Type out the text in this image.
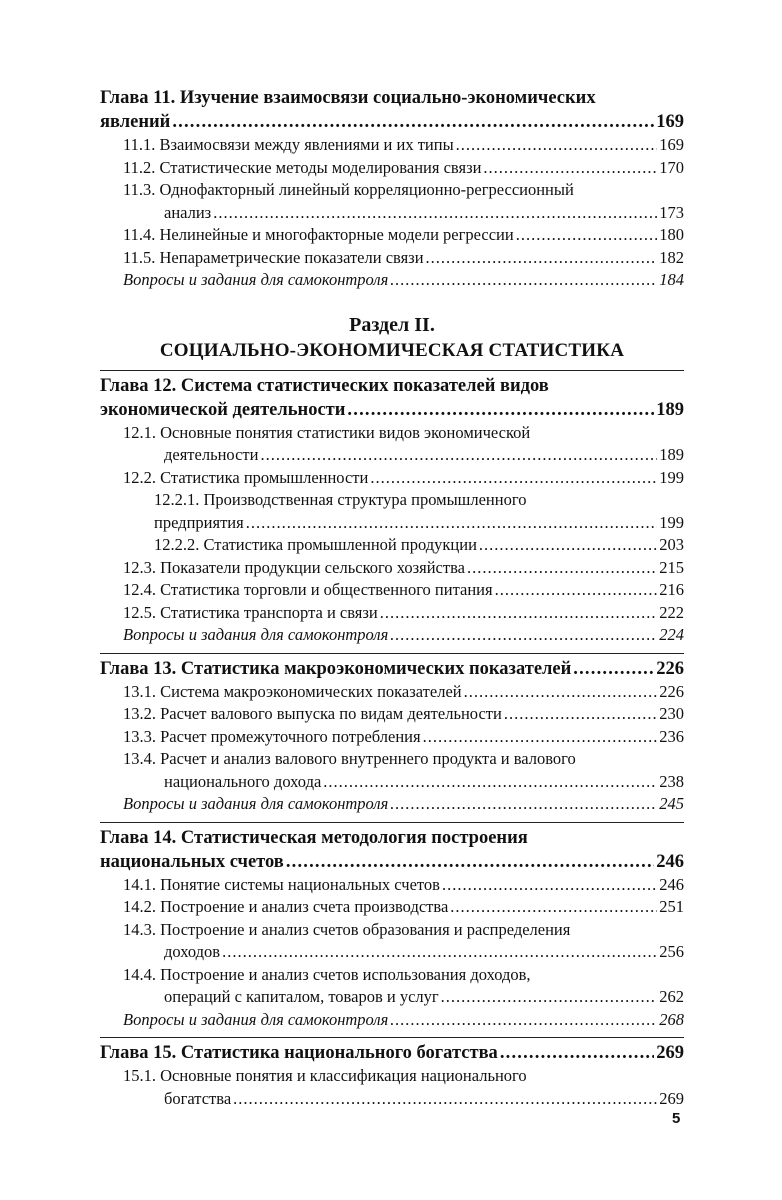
Глава 11. Изучение взаимосвязи социально-экономических
явлений .....	169
11.1. Взаимосвязи между явлениями и их типы .....	169
11.2. Статистические методы моделирования связи .....	170
11.3. Однофакторный линейный корреляционно-регрессионный
анализ .....	173
11.4. Нелинейные и многофакторные модели регрессии .....	180
11.5. Непараметрические показатели связи .....	182
Вопросы и задания для самоконтроля .....	184
Раздел II.
СОЦИАЛЬНО-ЭКОНОМИЧЕСКАЯ СТАТИСТИКА
Глава 12. Система статистических показателей видов
экономической деятельности .....	189
12.1. Основные понятия статистики видов экономической
деятельности .....	189
12.2. Статистика промышленности .....	199
12.2.1. Производственная структура промышленного
предприятия .....	199
12.2.2. Статистика промышленной продукции .....	203
12.3. Показатели продукции сельского хозяйства .....	215
12.4. Статистика торговли и общественного питания .....	216
12.5. Статистика транспорта и связи .....	222
Вопросы и задания для самоконтроля .....	224
Глава 13. Статистика макроэкономических показателей .....	226
13.1. Система макроэкономических показателей .....	226
13.2. Расчет валового выпуска по видам деятельности .....	230
13.3. Расчет промежуточного потребления .....	236
13.4. Расчет и анализ валового внутреннего продукта и валового
национального дохода .....	238
Вопросы и задания для самоконтроля .....	245
Глава 14. Статистическая методология построения
национальных счетов .....	246
14.1. Понятие системы национальных счетов .....	246
14.2. Построение и анализ счета производства .....	251
14.3. Построение и анализ счетов образования и распределения
доходов .....	256
14.4. Построение и анализ счетов использования доходов,
операций с капиталом, товаров и услуг .....	262
Вопросы и задания для самоконтроля .....	268
Глава 15. Статистика национального богатства .....	269
15.1. Основные понятия и классификация национального
богатства .....	269
5
